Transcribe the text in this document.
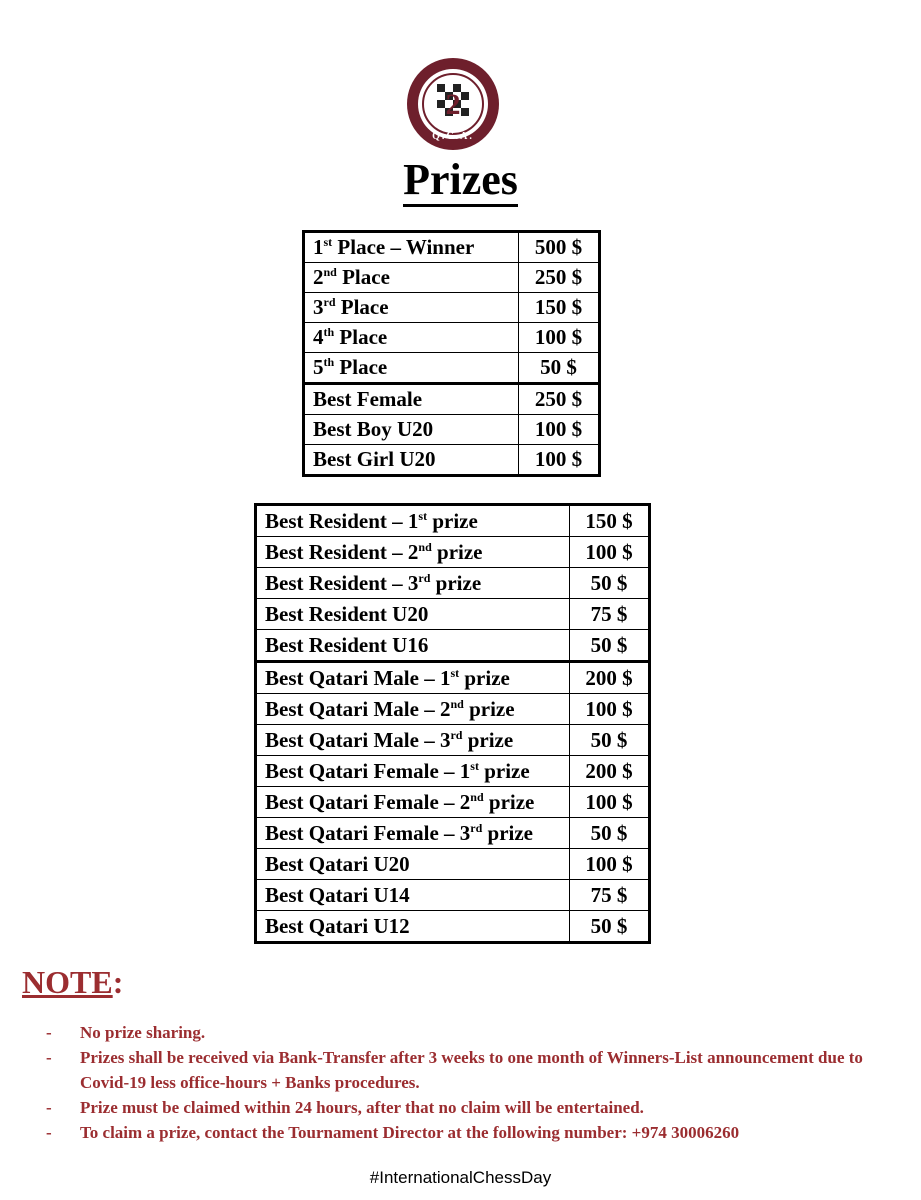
2
Q.C.A.
Prizes
1st Place – Winner	500 $
2nd Place	250 $
3rd Place	150 $
4th Place	100 $
5th Place	50 $
Best Female	250 $
Best Boy U20	100 $
Best Girl U20	100 $
Best Resident – 1st prize	150 $
Best Resident – 2nd prize	100 $
Best Resident – 3rd prize	50 $
Best Resident U20	75 $
Best Resident U16	50 $
Best Qatari Male – 1st prize	200 $
Best Qatari Male – 2nd prize	100 $
Best Qatari Male – 3rd prize	50 $
Best Qatari Female – 1st prize	200 $
Best Qatari Female – 2nd prize	100 $
Best Qatari Female – 3rd prize	50 $
Best Qatari U20	100 $
Best Qatari U14	75 $
Best Qatari U12	50 $
NOTE:
- No prize sharing.
- Prizes shall be received via Bank-Transfer after 3 weeks to one month of Winners-List announcement due to Covid-19 less office-hours + Banks procedures.
- Prize must be claimed within 24 hours, after that no claim will be entertained.
- To claim a prize, contact the Tournament Director at the following number: +974 30006260
#InternationalChessDay
